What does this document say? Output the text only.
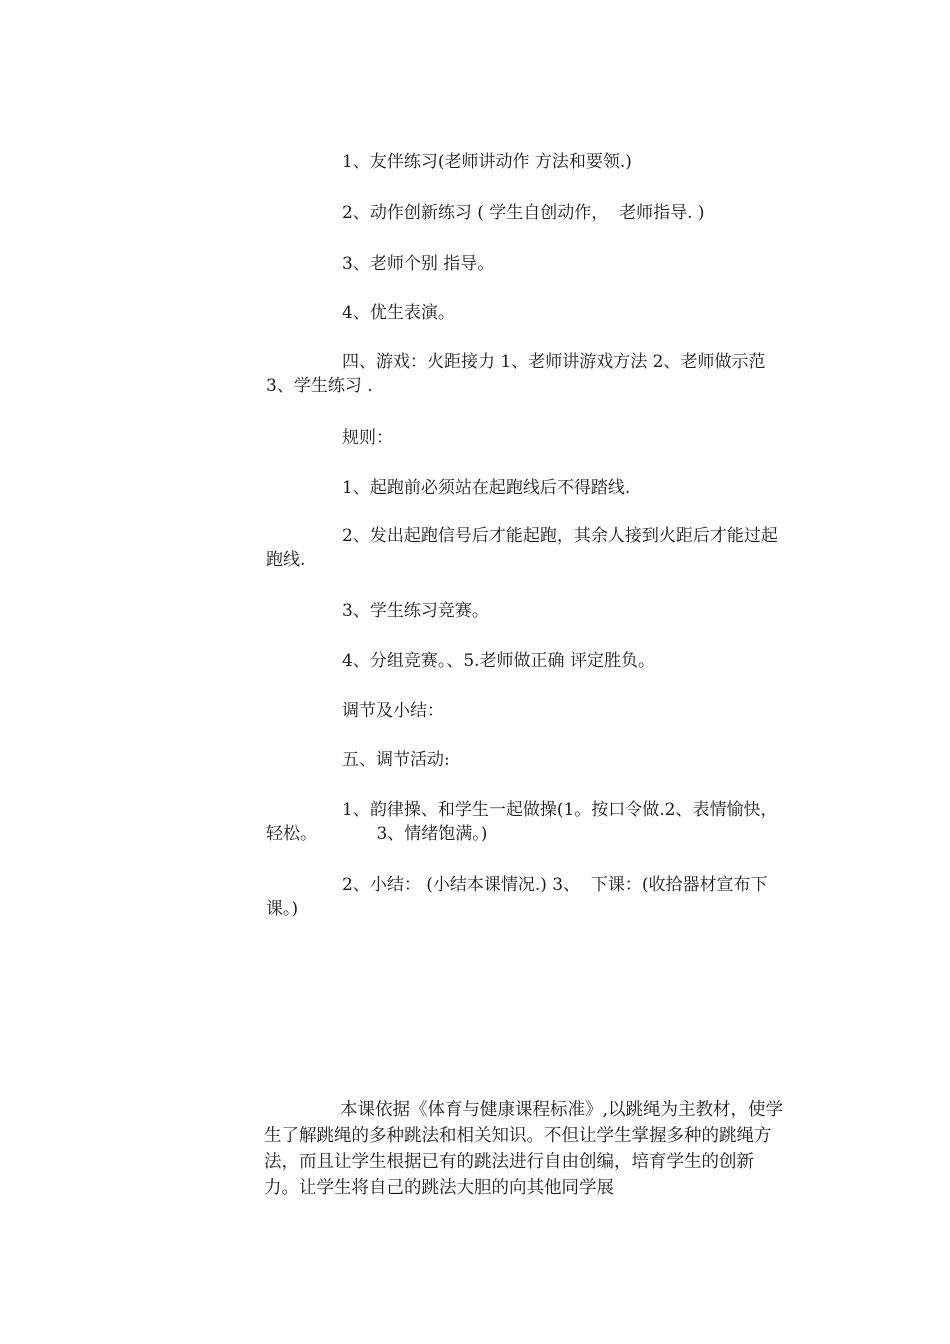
1、友伴练习(老师讲动作 方法和要领.)

2、动作创新练习 ( 学生自创动作，  老师指导. )

3、老师个别 指导。

4、优生表演。

四、游戏：火距接力 1、老师讲游戏方法 2、老师做示范 3、学生练习 .

规则：

1、起跑前必须站在起跑线后不得踏线.

2、发出起跑信号后才能起跑，其余人接到火距后才能过起跑线.

3、学生练习竞赛。

4、分组竞赛。、5.老师做正确 评定胜负。

调节及小结：

五、调节活动:

1、韵律操、和学生一起做操(1。按口令做.2、表情愉快， 轻松。           3、情绪饱满。)

2、小结： (小结本课情况.) 3、  下课：(收拾器材宣布下课。)

本课依据《体育与健康课程标准》,以跳绳为主教材，使学生了解跳绳的多种跳法和相关知识。不但让学生掌握多种的跳绳方法，而且让学生根据已有的跳法进行自由创编，培育学生的创新力。让学生将自己的跳法大胆的向其他同学展
